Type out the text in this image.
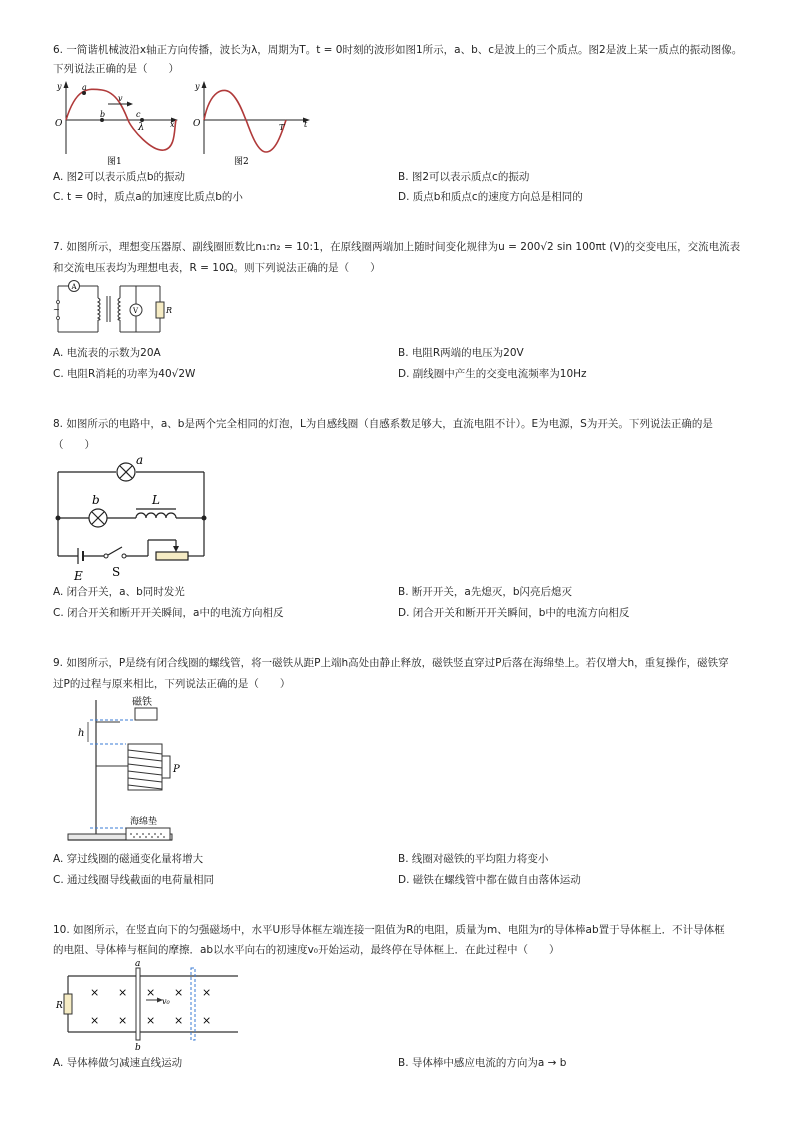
6. 一简谐机械波沿x轴正方向传播，波长为λ，周期为T。t = 0时刻的波形如图1所示，a、b、c是波上的三个质点。图2是波上某一质点的振动图像。
下列说法正确的是（　　）
y
O	x
a
b	c
v
λ
图1
y
O	t
T
图2
A. 图2可以表示质点b的振动	B. 图2可以表示质点c的振动
C. t = 0时，质点a的加速度比质点b的小	D. 质点b和质点c的速度方向总是相同的
7. 如图所示，理想变压器原、副线圈匝数比n₁:n₂ = 10:1，在原线圈两端加上随时间变化规律为u = 200√2 sin 100πt (V)的交变电压，交流电流表
和交流电压表均为理想电表，R = 10Ω。则下列说法正确的是（　　）
A
~	V	R
A. 电流表的示数为20A	B. 电阻R两端的电压为20V
C. 电阻R消耗的功率为40√2W	D. 副线圈中产生的交变电流频率为10Hz
8. 如图所示的电路中，a、b是两个完全相同的灯泡，L为自感线圈（自感系数足够大，直流电阻不计）。E为电源，S为开关。下列说法正确的是
（　　）
a
b	L
E S
A. 闭合开关，a、b同时发光	B. 断开开关，a先熄灭，b闪亮后熄灭
C. 闭合开关和断开开关瞬间，a中的电流方向相反	D. 闭合开关和断开开关瞬间，b中的电流方向相反
9. 如图所示，P是绕有闭合线圈的螺线管，将一磁铁从距P上端h高处由静止释放，磁铁竖直穿过P后落在海绵垫上。若仅增大h，重复操作，磁铁穿
过P的过程与原来相比，下列说法正确的是（　　）
磁铁
h
P
海绵垫
A. 穿过线圈的磁通变化量将增大	B. 线圈对磁铁的平均阻力将变小
C. 通过线圈导线截面的电荷量相同	D. 磁铁在螺线管中都在做自由落体运动
10. 如图所示，在竖直向下的匀强磁场中，水平U形导体框左端连接一阻值为R的电阻，质量为m、电阻为r的导体棒ab置于导体框上．不计导体框
的电阻、导体棒与框间的摩擦．ab以水平向右的初速度v₀开始运动，最终停在导体框上．在此过程中（　　）
R
× × × × ×
× × × × ×
a
b
v₀
A. 导体棒做匀减速直线运动	B. 导体棒中感应电流的方向为a → b
